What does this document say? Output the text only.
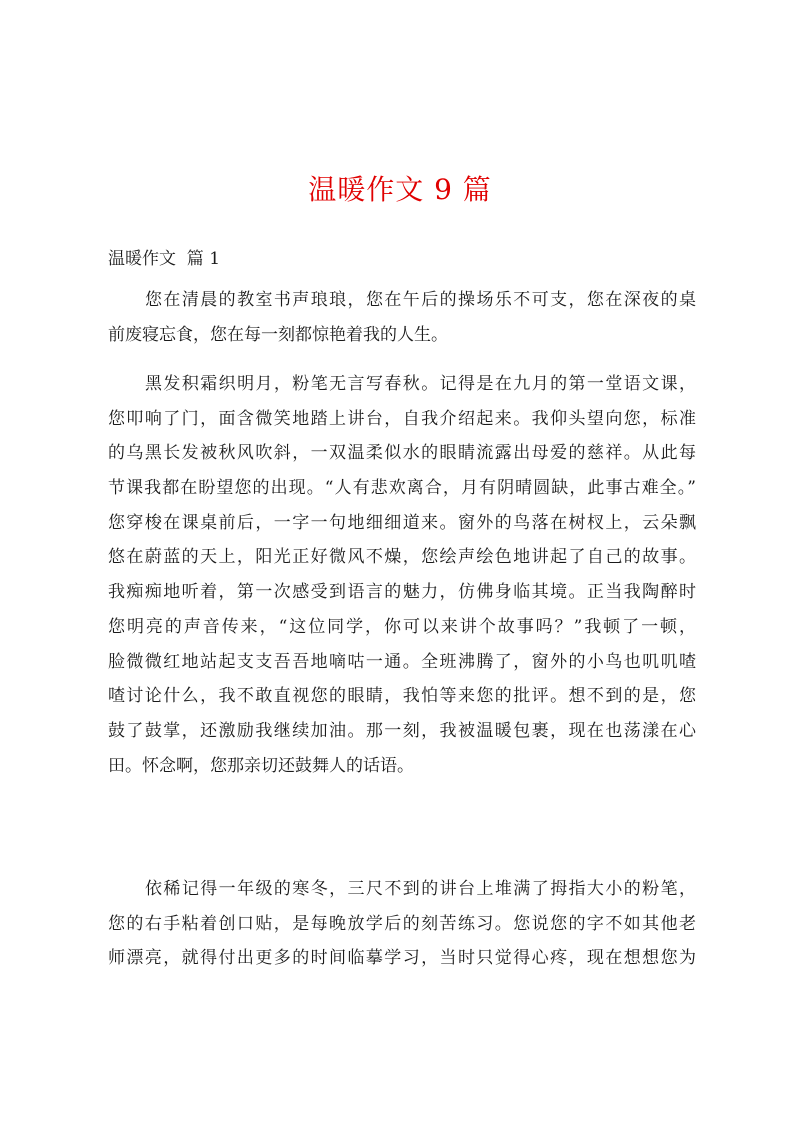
温暖作文 9 篇
温暖作文  篇 1
您在清晨的教室书声琅琅，您在午后的操场乐不可支，您在深夜的桌
前废寝忘食，您在每一刻都惊艳着我的人生。
黑发积霜织明月，粉笔无言写春秋。记得是在九月的第一堂语文课，
您叩响了门，面含微笑地踏上讲台，自我介绍起来。我仰头望向您，标准
的乌黑长发被秋风吹斜，一双温柔似水的眼睛流露出母爱的慈祥。从此每
节课我都在盼望您的出现。“人有悲欢离合，月有阴晴圆缺，此事古难全。”
您穿梭在课桌前后，一字一句地细细道来。窗外的鸟落在树杈上，云朵飘
悠在蔚蓝的天上，阳光正好微风不燥，您绘声绘色地讲起了自己的故事。
我痴痴地听着，第一次感受到语言的魅力，仿佛身临其境。正当我陶醉时
您明亮的声音传来，“这位同学，你可以来讲个故事吗？”我顿了一顿，
脸微微红地站起支支吾吾地嘀咕一通。全班沸腾了，窗外的小鸟也叽叽喳
喳讨论什么，我不敢直视您的眼睛，我怕等来您的批评。想不到的是，您
鼓了鼓掌，还激励我继续加油。那一刻，我被温暖包裹，现在也荡漾在心
田。怀念啊，您那亲切还鼓舞人的话语。
依稀记得一年级的寒冬，三尺不到的讲台上堆满了拇指大小的粉笔，
您的右手粘着创口贴，是每晚放学后的刻苦练习。您说您的字不如其他老
师漂亮，就得付出更多的时间临摹学习，当时只觉得心疼，现在想想您为
